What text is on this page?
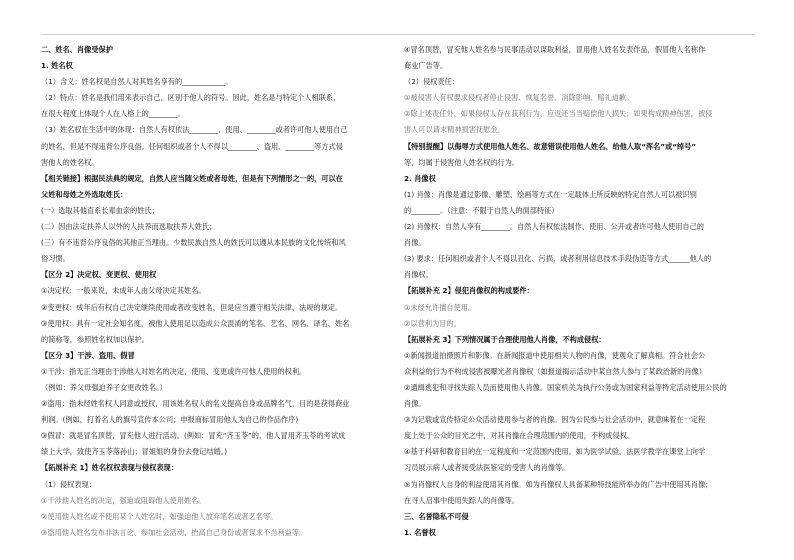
二、姓名、肖像受保护
1. 姓名权
（1）含义：姓名权是自然人对其姓名享有的____________。
（2）特点：姓名是我们用来表示自己，区别于他人的符号。因此，姓名是与特定个人相联系，
在很大程度上体现个人在人格上的________。
（3）姓名权在生活中的体现：自然人有权依法________、使用、________或者许可他人使用自己
的姓名，但是不得违背公序良俗。任何组织或者个人不得以________、盗用、________等方式侵
害他人的姓名权。
【相关链接】根据民法典的规定，自然人应当随父姓或者母姓，但是有下列情形之一的，可以在
父姓和母姓之外选取姓氏：
(一）选取其他直系长辈血亲的姓氏；
(二）因由法定扶养人以外的人扶养而选取扶养人姓氏；
(三）有不违背公序良俗的其他正当理由。少数民族自然人的姓氏可以遵从本民族的文化传统和风
俗习惯。
【区分 2】决定权、变更权、使用权
①决定权：一般来说，未成年人由父母决定其姓名。
②变更权：成年后有权自己决定继续使用或者改变姓名，但是应当遵守相关法律、法规的规定。
③使用权：具有一定社会知名度，被他人使用足以造成公众混淆的笔名、艺名、网名、译名、姓名
的简称等，参照姓名权加以保护。
【区分 3】干涉、盗用、假冒
①干涉：指无正当理由干涉他人对姓名的决定、使用、变更或许可他人使用的权利。
（例如：养父母强迫养子女更改姓名。）
②盗用：指未经姓名权人同意或授权，用该姓名权人的名义提高自身或品牌名气，目的是获得商业
利润。(例如，打着名人的旗号宣传本公司；申报商标冒用他人为自己的作品作序)
③假冒：就是冒名顶替，冒充他人进行活动。(例如：冒充“齐玉苓”的，他人冒用齐玉苓的考试成
绩上大学，致使齐玉苓落孙山；冒姐姐的身份去登记结婚。)
【拓展补充 1】姓名权权表现与侵权表现：
（1）侵权表现：
①干涉他人姓名的决定，强迫或阻碍他人使用姓名。
②使用他人姓名或不使用某个人姓名时，如强迫他人放弃笔名或者艺名等。
③盗用他人姓名发布非法言论、参加社会活动、抬高自己身份或者谋求不当利益等。
④冒名顶替，冒充他人姓名参与民事活动以谋取利益，冒用他人姓名发表作品，假冒他人名称作
商业广告等。
（2）侵权责任：
①被侵害人有权要求侵权者停止侵害、恢复名誉、消除影响、赔礼道歉。
②除上述责任外，如果侵权人存在获利行为，应返还当当赔偿他人损失；如果构成精神伤害，被侵
害人可以请求精神损害抚慰金。
【特别提醒】以侮辱方式使用他人姓名、故意错误使用他人姓名、给他人取“浑名”或“绰号”
等，均属于侵害他人姓名权的行为。
2. 肖像权
(1) 肖像：肖像是通过影像、雕塑、绘画等方式在一定载体上所反映的特定自然人可以被识别
的________。（注意：不限于自然人的面部特征）
(2) 肖像权：自然人享有________。自然人有权依法制作、使用、公开或者许可他人使用自己的
肖像。
(3) 要求：任何组织或者个人不得以丑化、污损，或者利用信息技术手段伪造等方式______他人的
肖像权。
【拓展补充 2】侵犯肖像权的构成要件：
①未经允许擅自使用。
②以营利为目的。
【拓展补充 3】下列情况属于合理使用他人肖像，不构成侵权：
①新闻报道拍摄照片和影像。在新闻报道中使用相关人物的肖像，使观众了解真相。符合社会公
众利益的行为不构成侵害被曝光者肖像权（如报道揭示活动中某自然人参与了某政治新的肖像）
②通缉逃犯和寻找失踪人员而使用他人肖像。国家机关为执行公务或为国家利益等特定活动使用公民的
肖像。
③为记载或宣传特定公众活动使用参与者的肖像。因为公民参与社会活动中，就意味着在一定程
度上处于公众的目光之中，对其肖像在合理范围内的使用，不构成侵权。
④基于科研和教育目的在一定程度和一定范围内使用。如为医学试验、法医学教学在课堂上向学
习员展示病人或者接受法医鉴定的受害人的肖像等。
⑤为肖像权人自身的利益使用其肖像。如为肖像权人具备某种特技能所举办的广告中使用其肖像；
在寻人启事中使用失踪人的肖像等。
三、名誉隐私不可侵
1. 名誉权
